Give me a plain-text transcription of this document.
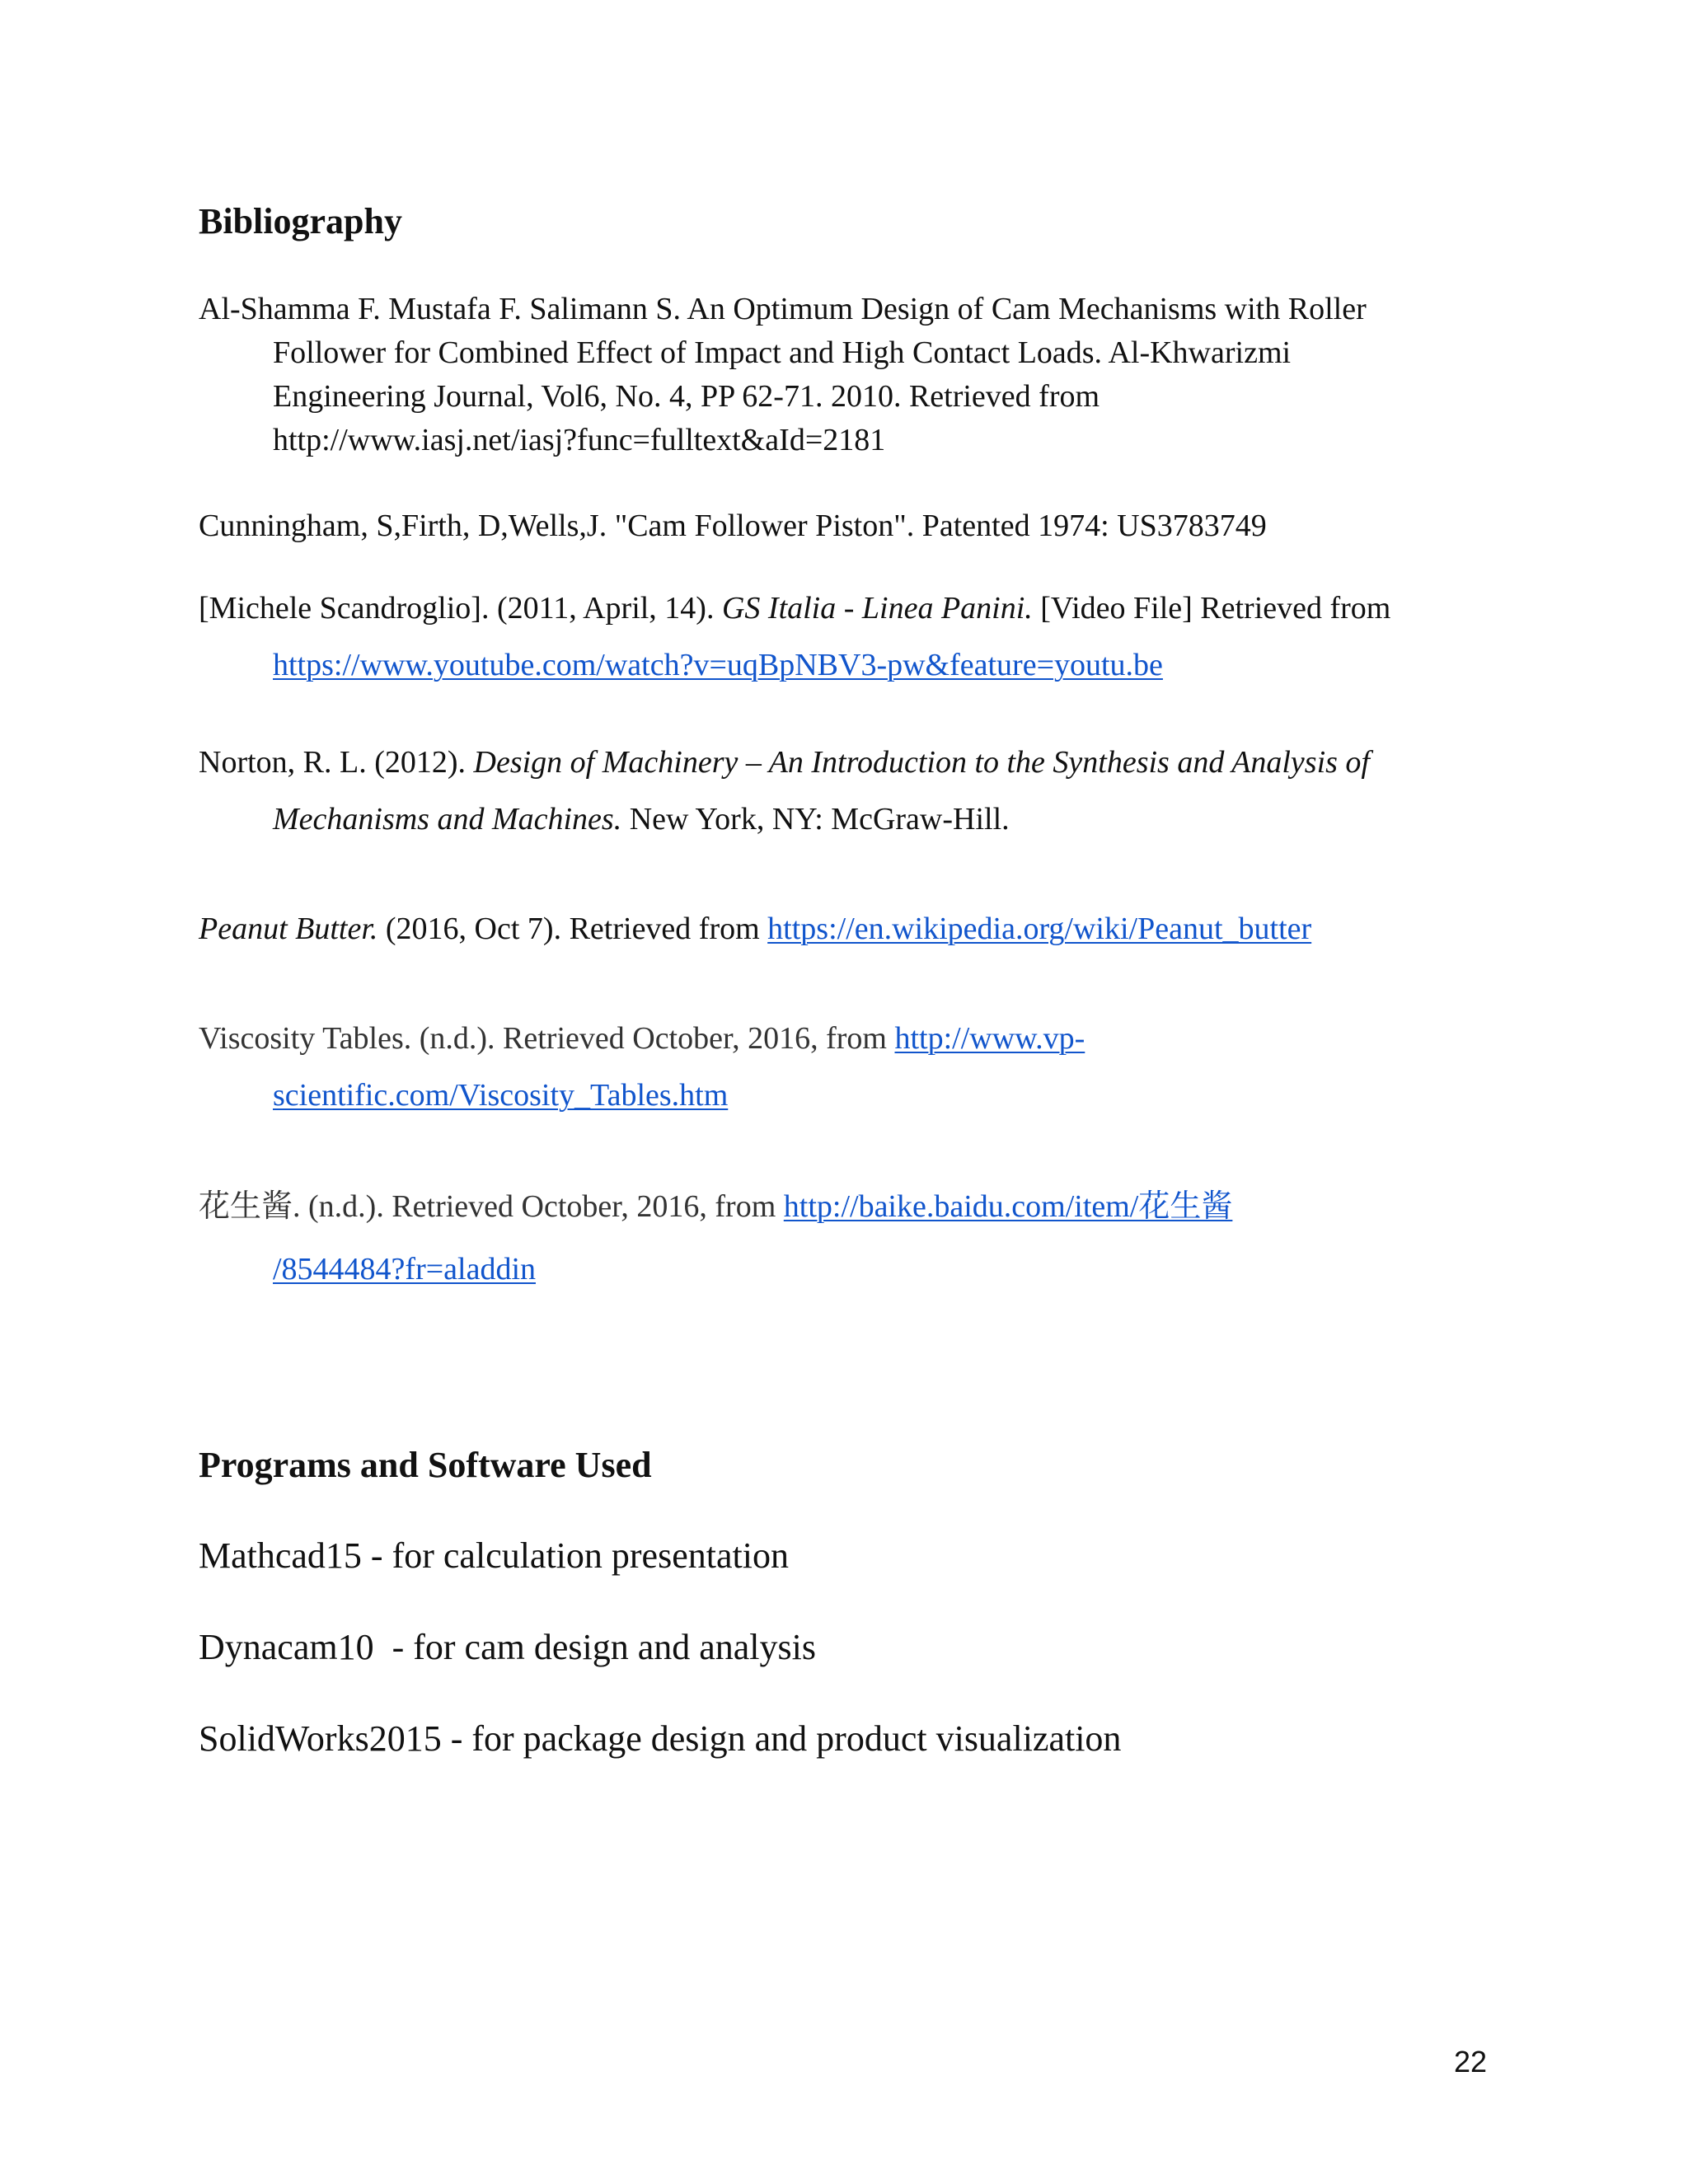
Bibliography
Al-Shamma F. Mustafa F. Salimann S. An Optimum Design of Cam Mechanisms with Roller
Follower for Combined Effect of Impact and High Contact Loads. Al-Khwarizmi
Engineering Journal, Vol6, No. 4, PP 62-71. 2010. Retrieved from
http://www.iasj.net/iasj?func=fulltext&aId=2181
Cunningham, S,Firth, D,Wells,J. "Cam Follower Piston". Patented 1974: US3783749
[Michele Scandroglio]. (2011, April, 14). GS Italia - Linea Panini. [Video File] Retrieved from
https://www.youtube.com/watch?v=uqBpNBV3-pw&feature=youtu.be
Norton, R. L. (2012). Design of Machinery – An Introduction to the Synthesis and Analysis of
Mechanisms and Machines. New York, NY: McGraw-Hill.
Peanut Butter. (2016, Oct 7). Retrieved from https://en.wikipedia.org/wiki/Peanut_butter
Viscosity Tables. (n.d.). Retrieved October, 2016, from http://www.vp-
scientific.com/Viscosity_Tables.htm
花生酱. (n.d.). Retrieved October, 2016, from http://baike.baidu.com/item/花生酱
/8544484?fr=aladdin
Programs and Software Used

Mathcad15 - for calculation presentation

Dynacam10  - for cam design and analysis

SolidWorks2015 - for package design and product visualization

22
